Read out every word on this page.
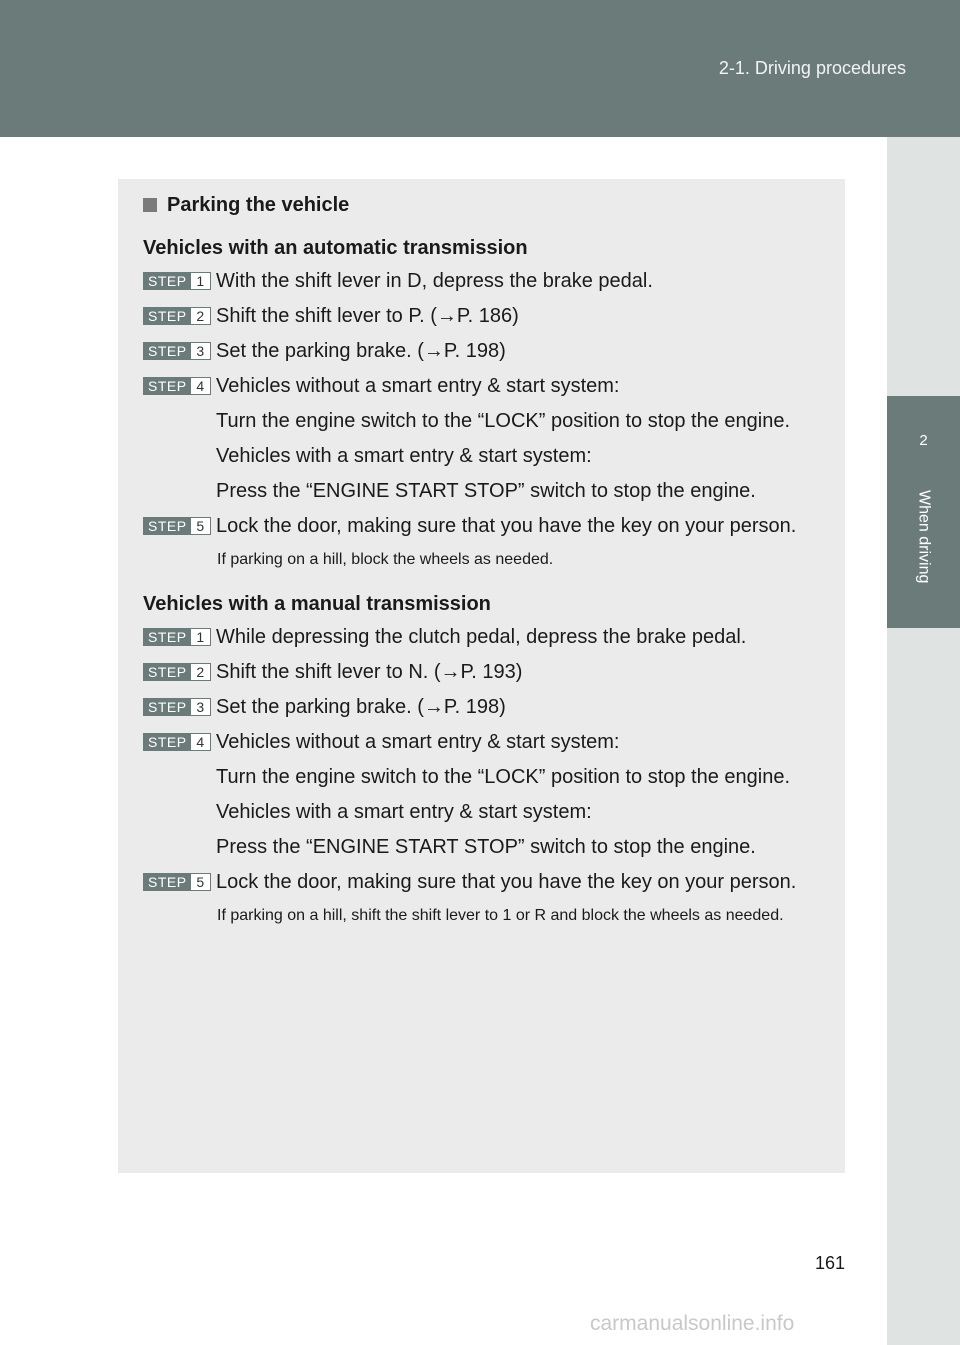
2-1. Driving procedures
2
When driving
Parking the vehicle
Vehicles with an automatic transmission
STEP 1 With the shift lever in D, depress the brake pedal.

STEP 2 Shift the shift lever to P. (→P. 186)

STEP 3 Set the parking brake. (→P. 198)

STEP 4 Vehicles without a smart entry & start system:

Turn the engine switch to the “LOCK” position to stop the engine.

Vehicles with a smart entry & start system:

Press the “ENGINE START STOP” switch to stop the engine.

STEP 5 Lock the door, making sure that you have the key on your person.

If parking on a hill, block the wheels as needed.
Vehicles with a manual transmission
STEP 1 While depressing the clutch pedal, depress the brake pedal.

STEP 2 Shift the shift lever to N. (→P. 193)

STEP 3 Set the parking brake. (→P. 198)

STEP 4 Vehicles without a smart entry & start system:

Turn the engine switch to the “LOCK” position to stop the engine.

Vehicles with a smart entry & start system:

Press the “ENGINE START STOP” switch to stop the engine.

STEP 5 Lock the door, making sure that you have the key on your person.

If parking on a hill, shift the shift lever to 1 or R and block the wheels as needed.
161
carmanualsonline.info
